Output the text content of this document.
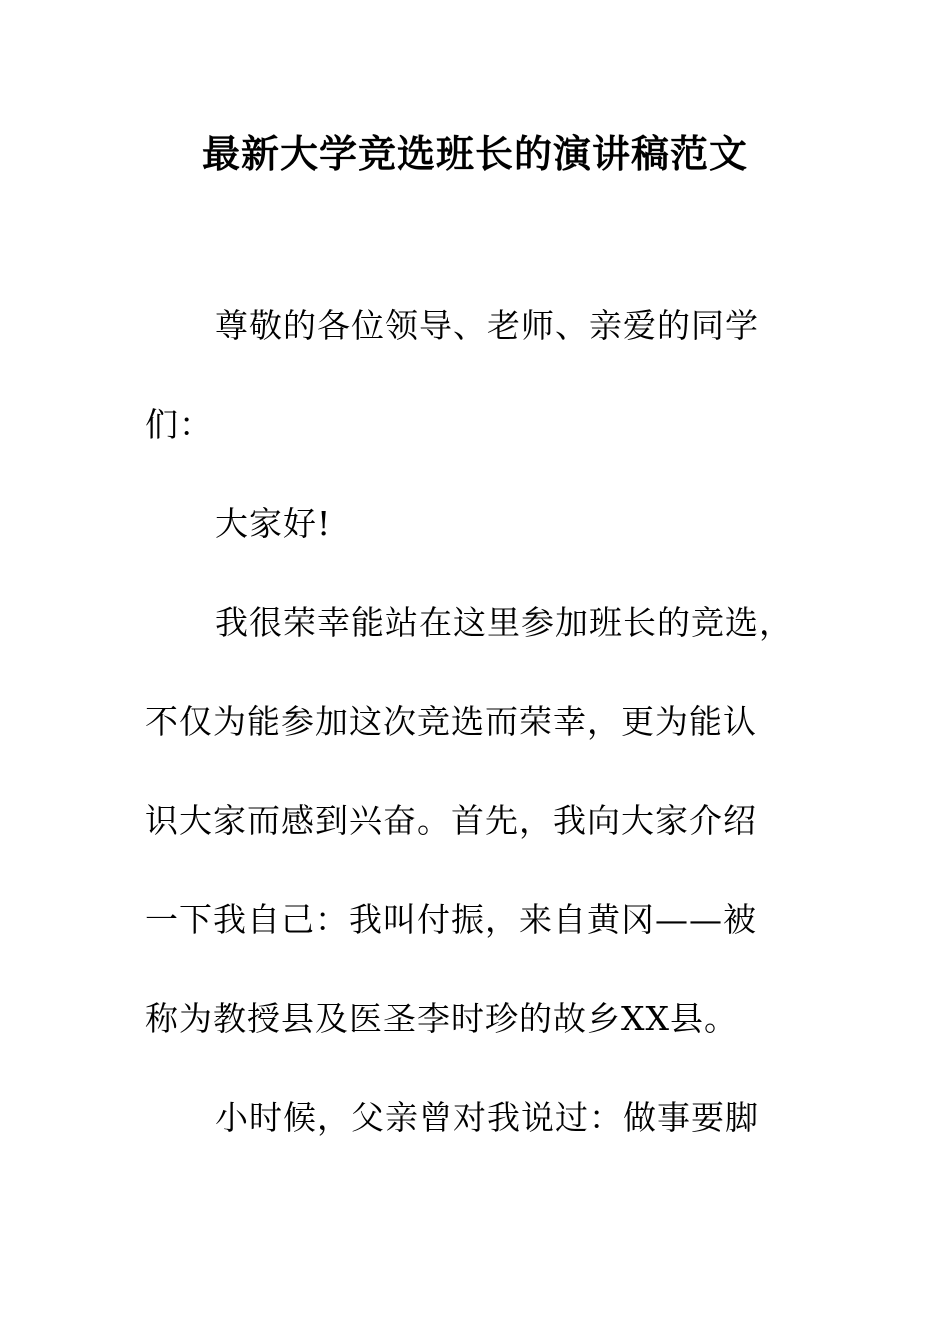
最新大学竞选班长的演讲稿范文
尊敬的各位领导、老师、亲爱的同学
们：
大家好!
我很荣幸能站在这里参加班长的竞选，
不仅为能参加这次竞选而荣幸，更为能认
识大家而感到兴奋。首先，我向大家介绍
一下我自己：我叫付振，来自黄冈——被
称为教授县及医圣李时珍的故乡XX县。
小时候，父亲曾对我说过：做事要脚
